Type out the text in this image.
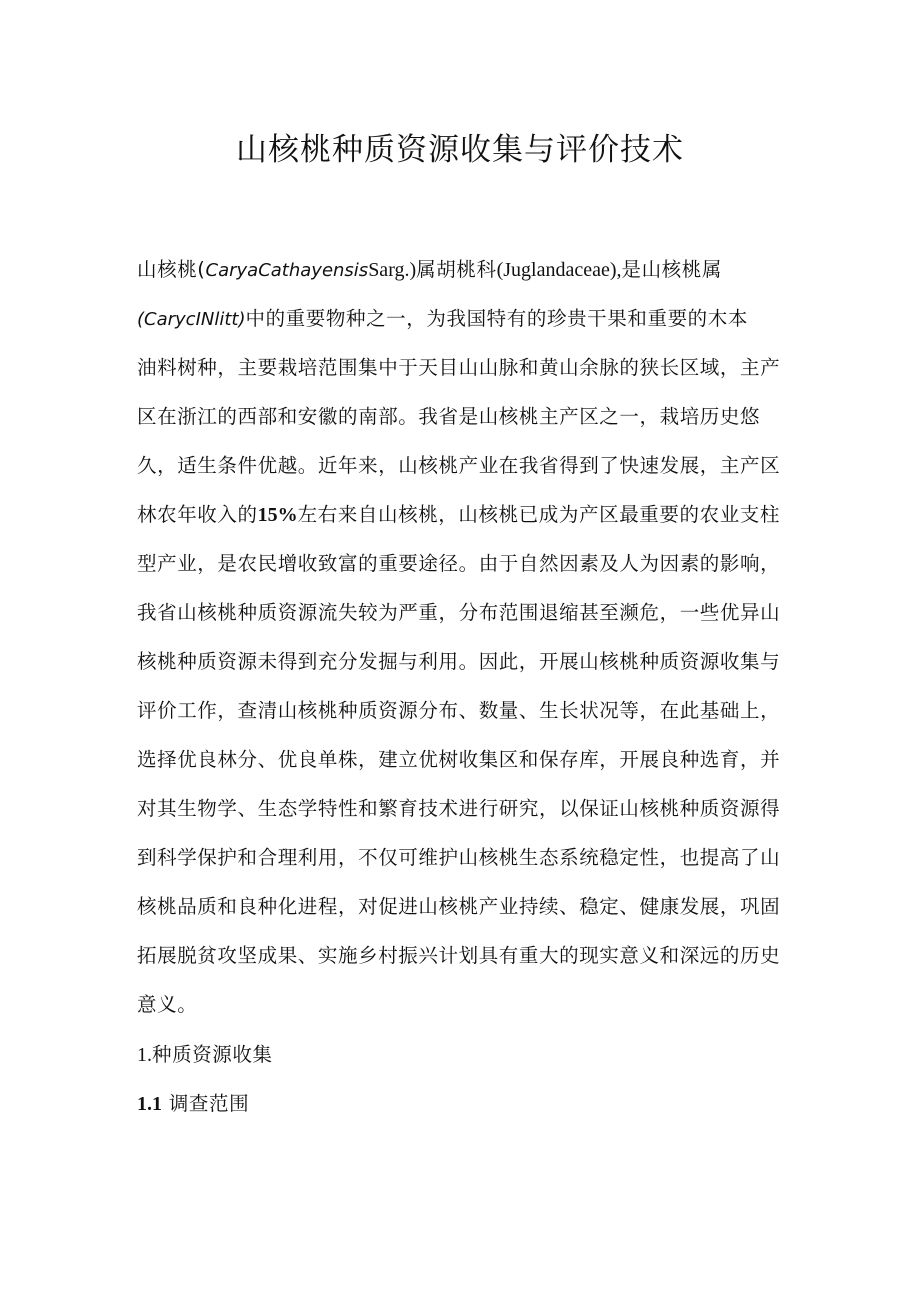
山核桃种质资源收集与评价技术
山核桃(CaryaCathayensisSarg.)属胡桃科(Juglandaceae),是山核桃属
(CarycINlitt)中的重要物种之一，为我国特有的珍贵干果和重要的木本
油料树种，主要栽培范围集中于天目山山脉和黄山余脉的狭长区域，主产
区在浙江的西部和安徽的南部。我省是山核桃主产区之一，栽培历史悠
久，适生条件优越。近年来，山核桃产业在我省得到了快速发展，主产区
林农年收入的15%左右来自山核桃，山核桃已成为产区最重要的农业支柱
型产业，是农民增收致富的重要途径。由于自然因素及人为因素的影响，
我省山核桃种质资源流失较为严重，分布范围退缩甚至濒危，一些优异山
核桃种质资源未得到充分发掘与利用。因此，开展山核桃种质资源收集与
评价工作，查清山核桃种质资源分布、数量、生长状况等，在此基础上，
选择优良林分、优良单株，建立优树收集区和保存库，开展良种选育，并
对其生物学、生态学特性和繁育技术进行研究，以保证山核桃种质资源得
到科学保护和合理利用，不仅可维护山核桃生态系统稳定性，也提高了山
核桃品质和良种化进程，对促进山核桃产业持续、稳定、健康发展，巩固
拓展脱贫攻坚成果、实施乡村振兴计划具有重大的现实意义和深远的历史
意义。
1.种质资源收集
1.1 调查范围
